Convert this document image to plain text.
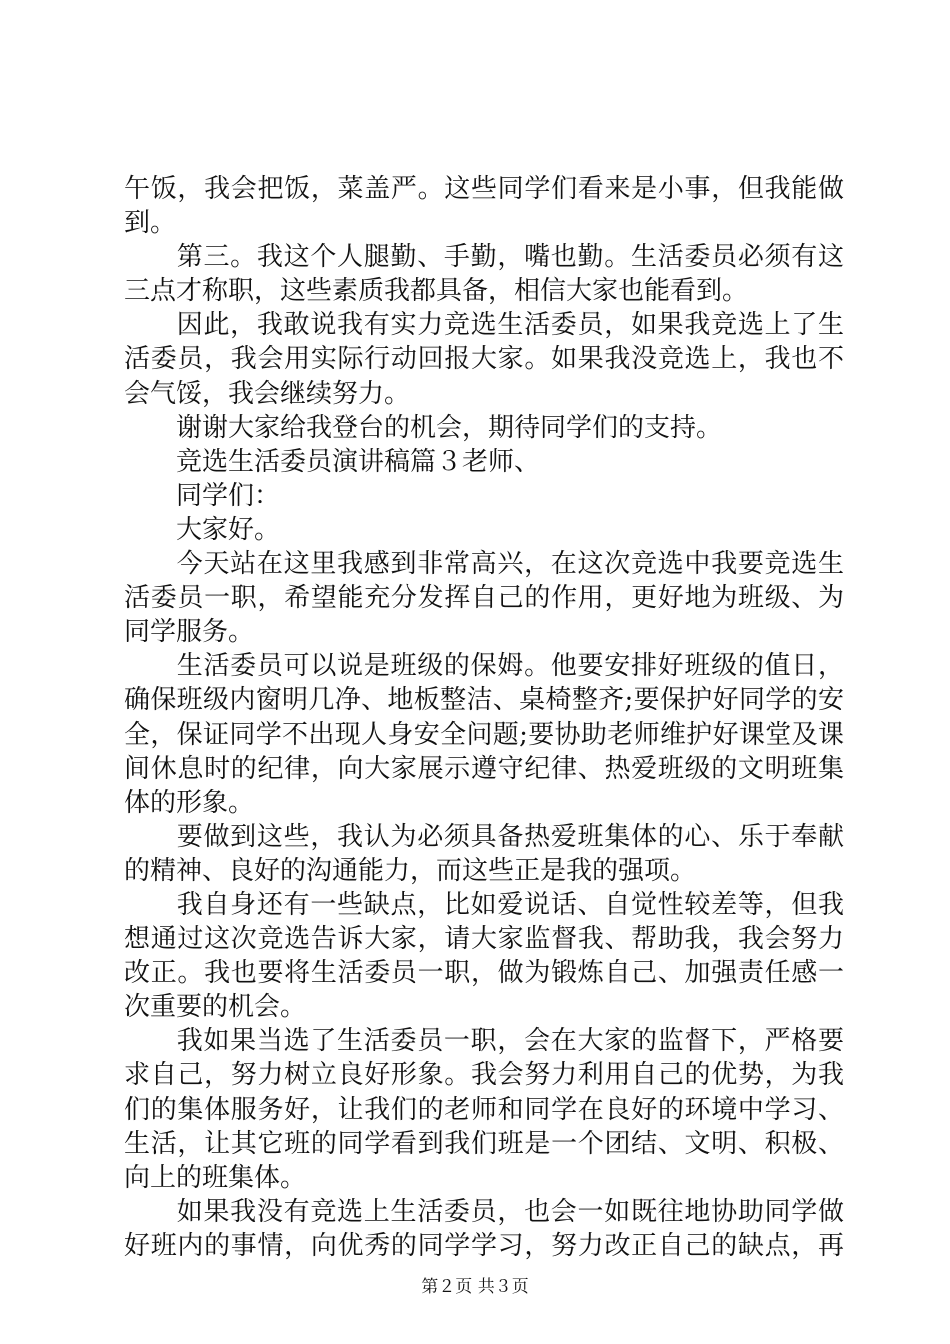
午饭，我会把饭，菜盖严。这些同学们看来是小事，但我能做
到。
第三。我这个人腿勤、手勤，嘴也勤。生活委员必须有这
三点才称职，这些素质我都具备，相信大家也能看到。
因此，我敢说我有实力竞选生活委员，如果我竞选上了生
活委员，我会用实际行动回报大家。如果我没竞选上，我也不
会气馁，我会继续努力。
谢谢大家给我登台的机会，期待同学们的支持。
竞选生活委员演讲稿篇３老师、
同学们：
大家好。
今天站在这里我感到非常高兴，在这次竞选中我要竞选生
活委员一职，希望能充分发挥自己的作用，更好地为班级、为
同学服务。
生活委员可以说是班级的保姆。他要安排好班级的值日，
确保班级内窗明几净、地板整洁、桌椅整齐;要保护好同学的安
全，保证同学不出现人身安全问题;要协助老师维护好课堂及课
间休息时的纪律，向大家展示遵守纪律、热爱班级的文明班集
体的形象。
要做到这些，我认为必须具备热爱班集体的心、乐于奉献
的精神、良好的沟通能力，而这些正是我的强项。
我自身还有一些缺点，比如爱说话、自觉性较差等，但我
想通过这次竞选告诉大家，请大家监督我、帮助我，我会努力
改正。我也要将生活委员一职，做为锻炼自己、加强责任感一
次重要的机会。
我如果当选了生活委员一职，会在大家的监督下，严格要
求自己，努力树立良好形象。我会努力利用自己的优势，为我
们的集体服务好，让我们的老师和同学在良好的环境中学习、
生活，让其它班的同学看到我们班是一个团结、文明、积极、
向上的班集体。
如果我没有竞选上生活委员，也会一如既往地协助同学做
好班内的事情，向优秀的同学学习，努力改正自己的缺点，再
第２页 共３页
